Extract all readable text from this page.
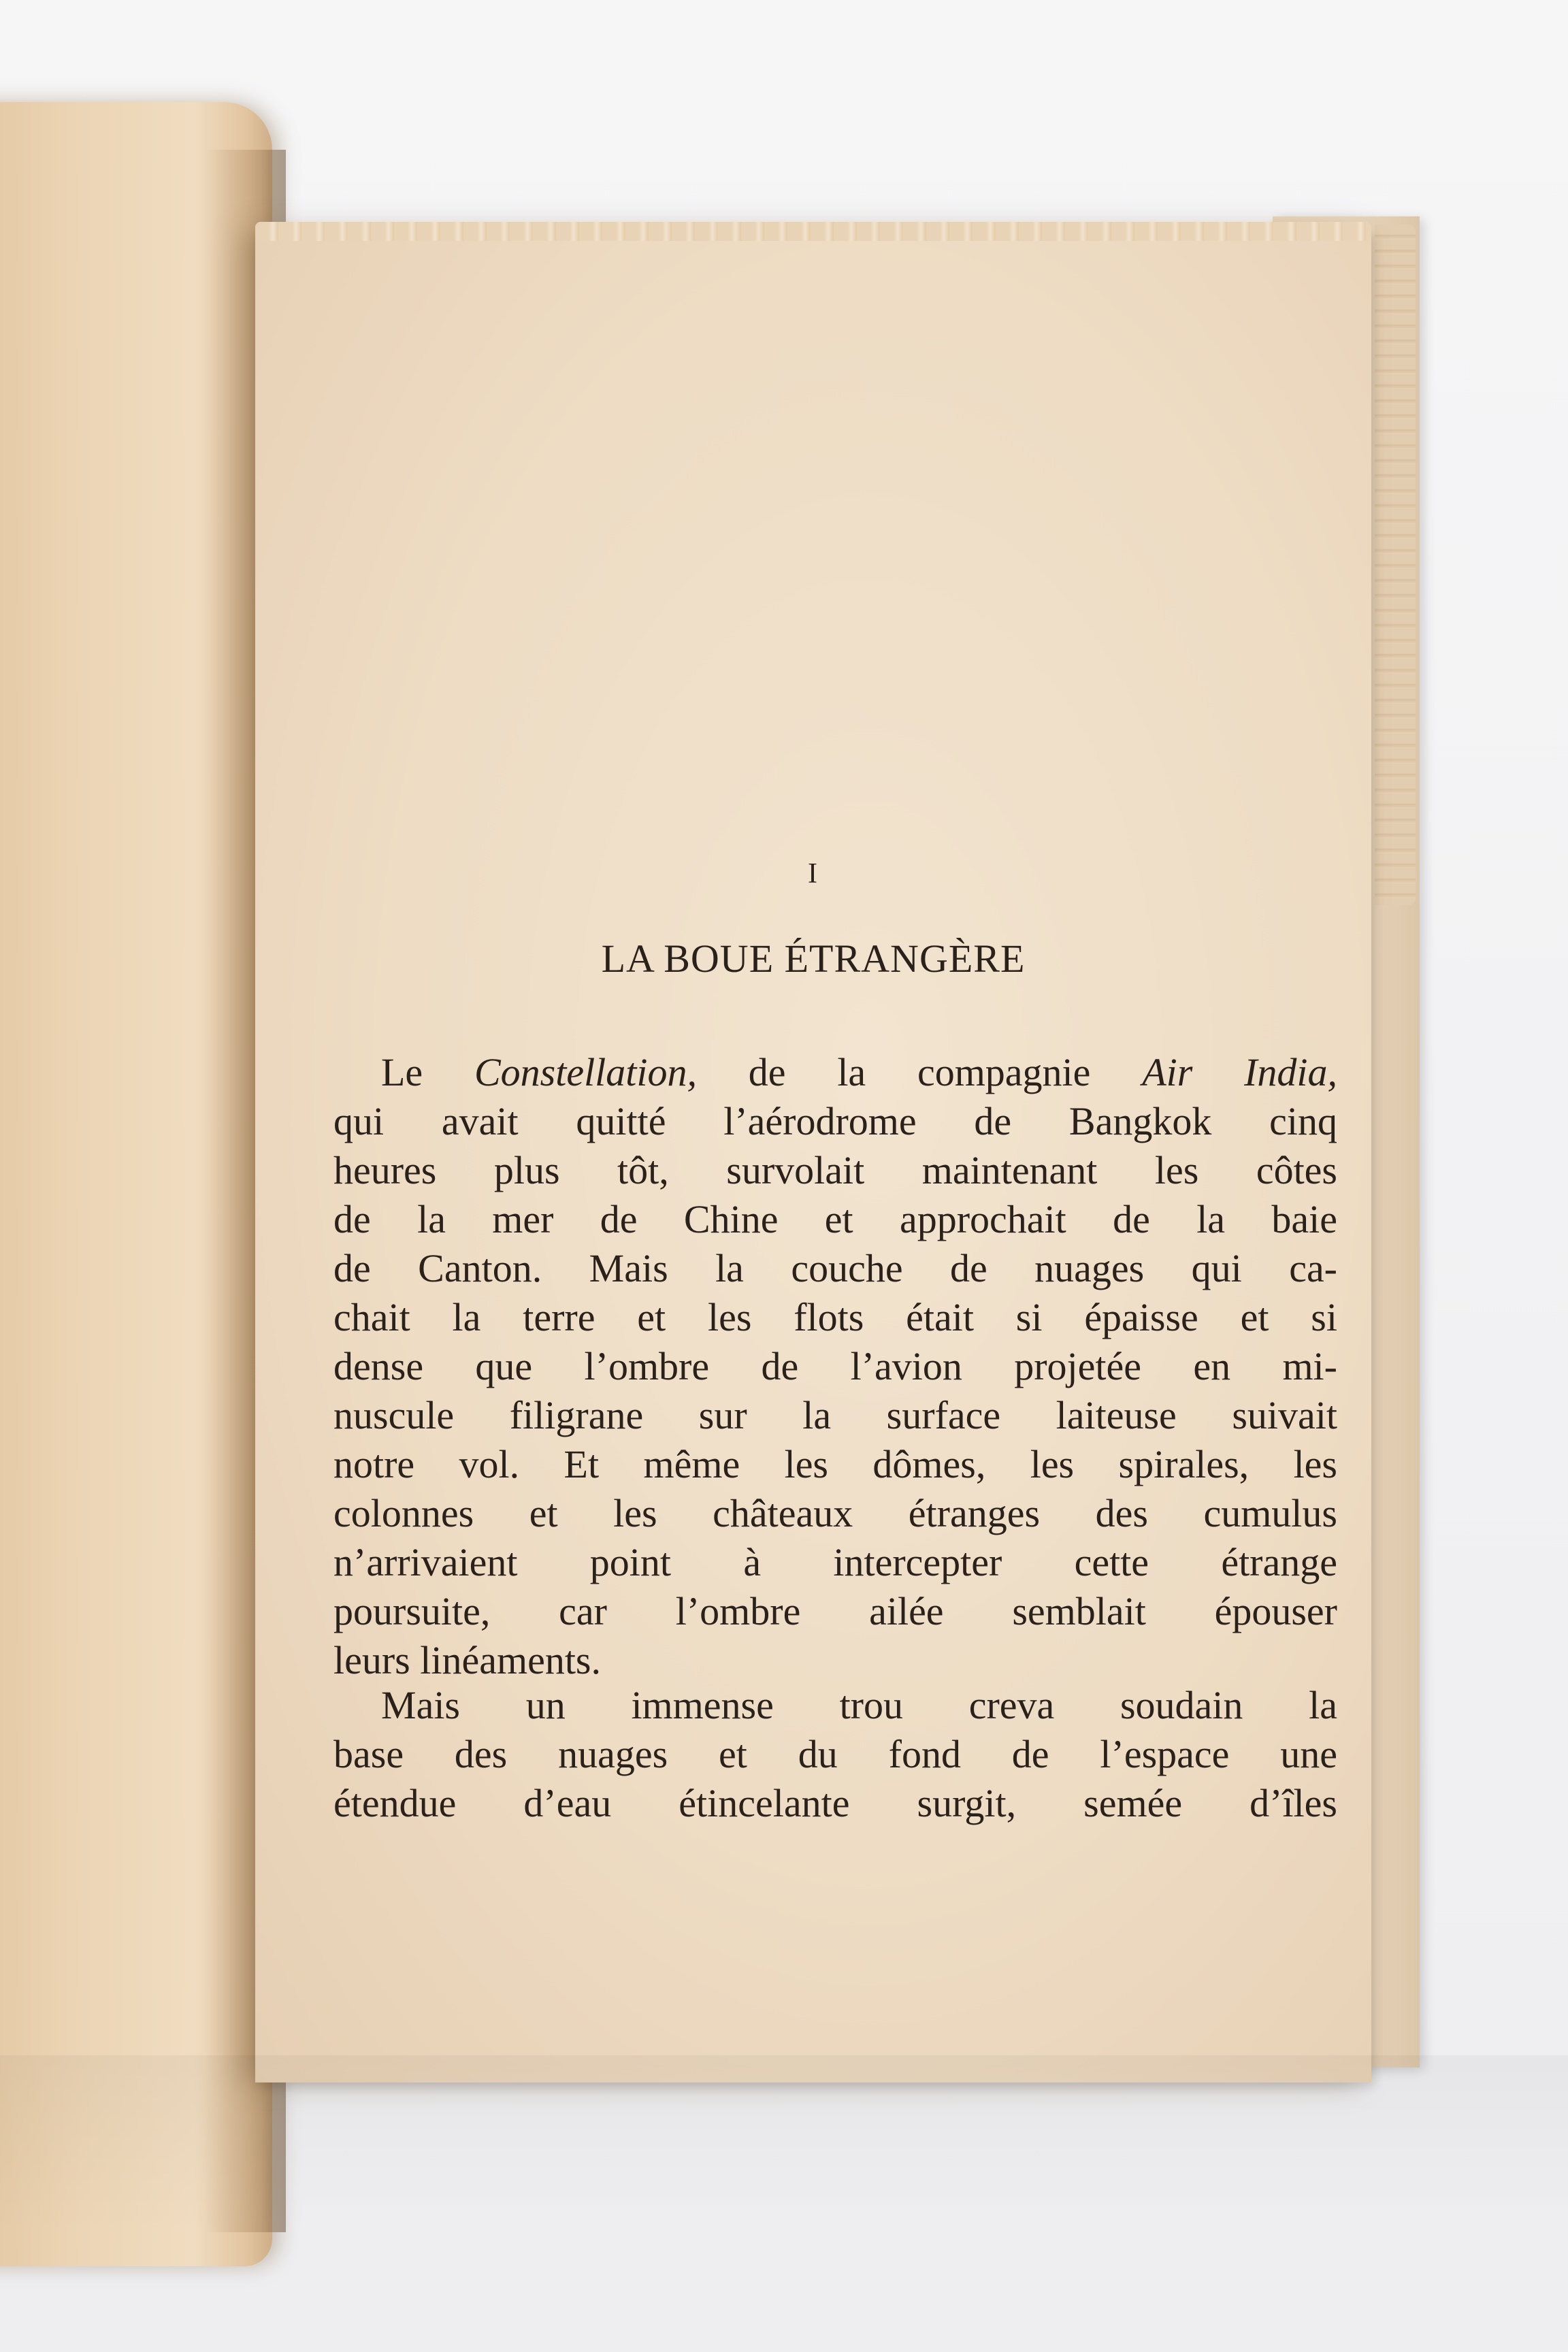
I
LA BOUE ÉTRANGÈRE
Le Constellation, de la compagnie Air India,
qui avait quitté l’aérodrome de Bangkok cinq
heures plus tôt, survolait maintenant les côtes
de la mer de Chine et approchait de la baie
de Canton. Mais la couche de nuages qui ca-
chait la terre et les flots était si épaisse et si
dense que l’ombre de l’avion projetée en mi-
nuscule filigrane sur la surface laiteuse suivait
notre vol. Et même les dômes, les spirales, les
colonnes et les châteaux étranges des cumulus
n’arrivaient point à intercepter cette étrange
poursuite, car l’ombre ailée semblait épouser
leurs linéaments.
Mais un immense trou creva soudain la
base des nuages et du fond de l’espace une
étendue d’eau étincelante surgit, semée d’îles
